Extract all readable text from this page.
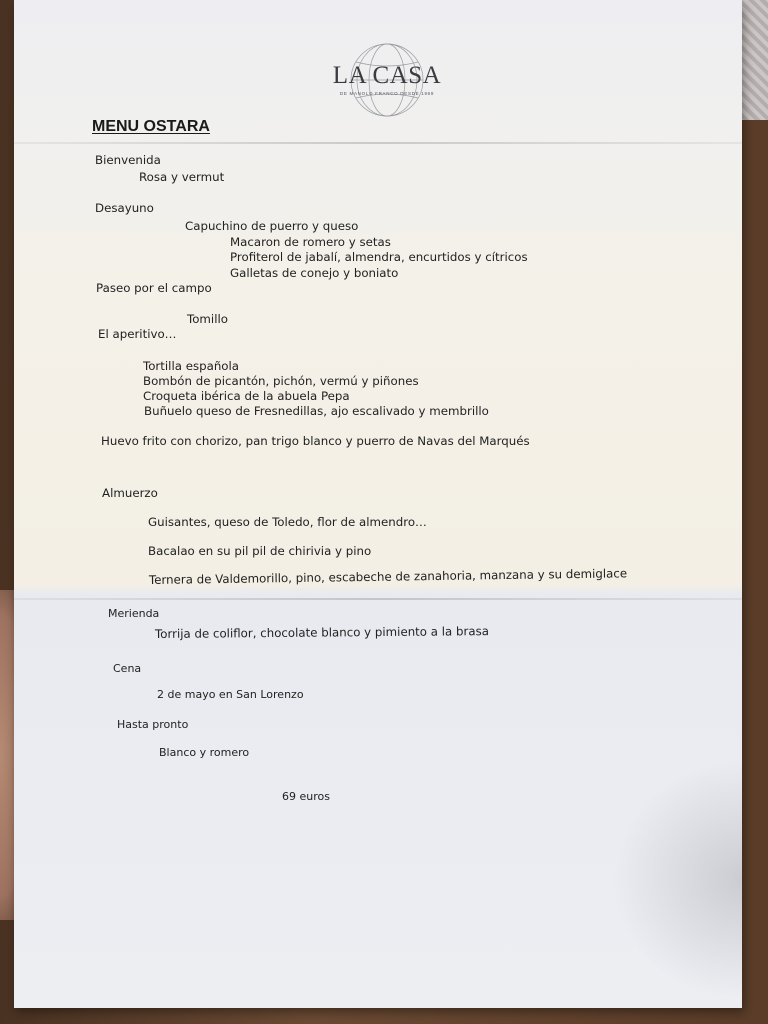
LA CASA
DE MANOLO FRANCO DESDE 1969
MENU OSTARA
Bienvenida
Rosa y vermut
Desayuno
Capuchino de puerro y queso
Macaron de romero y setas
Profiterol de jabalí, almendra, encurtidos y cítricos
Galletas de conejo y boniato
Paseo por el campo
Tomillo
El aperitivo…
Tortilla española
Bombón de picantón, pichón, vermú y piñones
Croqueta ibérica de la abuela Pepa
Buñuelo queso de Fresnedillas, ajo escalivado y membrillo
Huevo frito con chorizo, pan trigo blanco y puerro de Navas del Marqués
Almuerzo
Guisantes, queso de Toledo, flor de almendro…
Bacalao en su pil pil de chirivia y pino
Ternera de Valdemorillo, pino, escabeche de zanahoria, manzana y su demiglace
Merienda
Torrija de coliflor, chocolate blanco y pimiento a la brasa
Cena
2 de mayo en San Lorenzo
Hasta pronto
Blanco y romero
69 euros
